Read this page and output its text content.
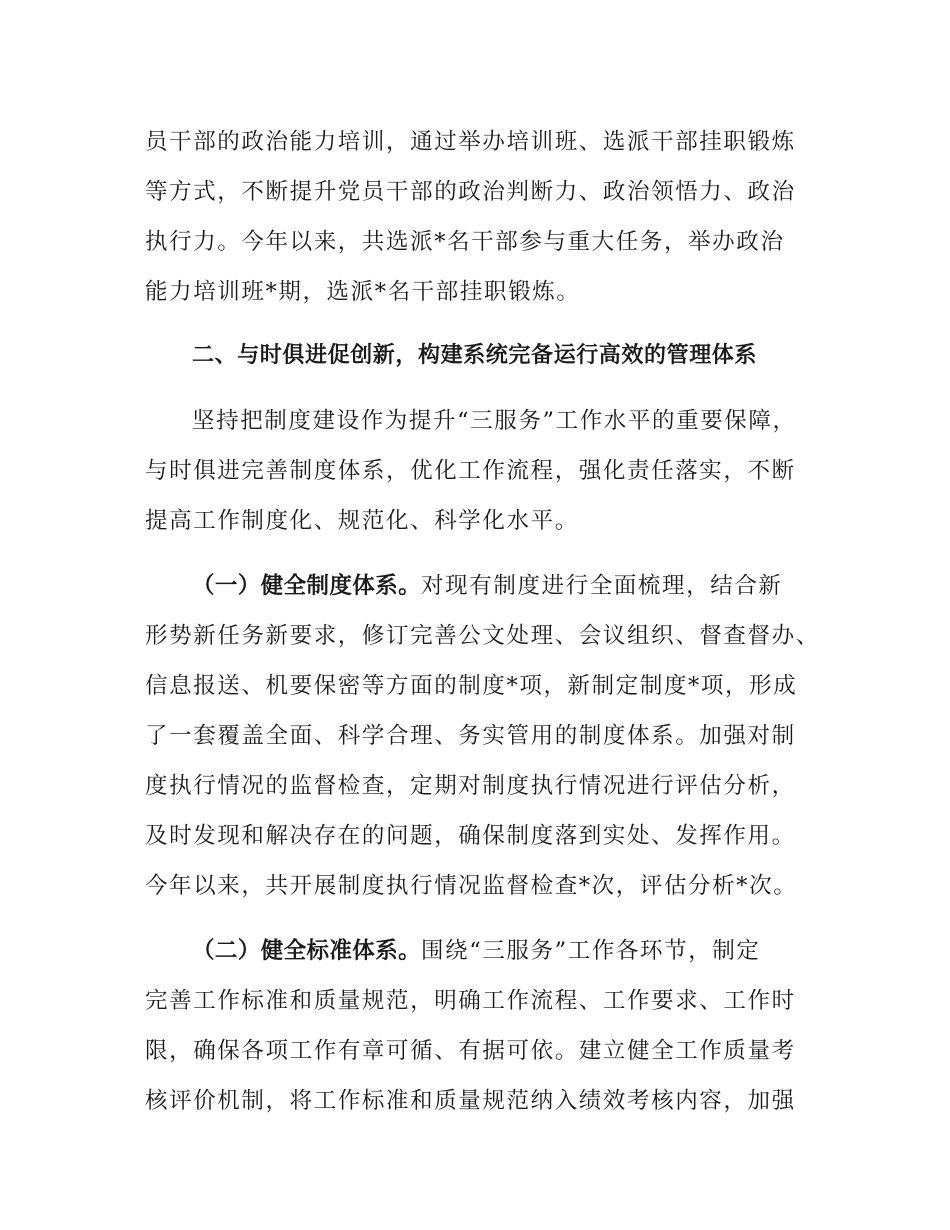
员干部的政治能力培训，通过举办培训班、选派干部挂职锻炼
等方式，不断提升党员干部的政治判断力、政治领悟力、政治
执行力。今年以来，共选派*名干部参与重大任务，举办政治
能力培训班*期，选派*名干部挂职锻炼。
二、与时俱进促创新，构建系统完备运行高效的管理体系
坚持把制度建设作为提升“三服务”工作水平的重要保障，
与时俱进完善制度体系，优化工作流程，强化责任落实，不断
提高工作制度化、规范化、科学化水平。
（一）健全制度体系。对现有制度进行全面梳理，结合新
形势新任务新要求，修订完善公文处理、会议组织、督查督办、
信息报送、机要保密等方面的制度*项，新制定制度*项，形成
了一套覆盖全面、科学合理、务实管用的制度体系。加强对制
度执行情况的监督检查，定期对制度执行情况进行评估分析，
及时发现和解决存在的问题，确保制度落到实处、发挥作用。
今年以来，共开展制度执行情况监督检查*次，评估分析*次。
（二）健全标准体系。围绕“三服务”工作各环节，制定
完善工作标准和质量规范，明确工作流程、工作要求、工作时
限，确保各项工作有章可循、有据可依。建立健全工作质量考
核评价机制，将工作标准和质量规范纳入绩效考核内容，加强
